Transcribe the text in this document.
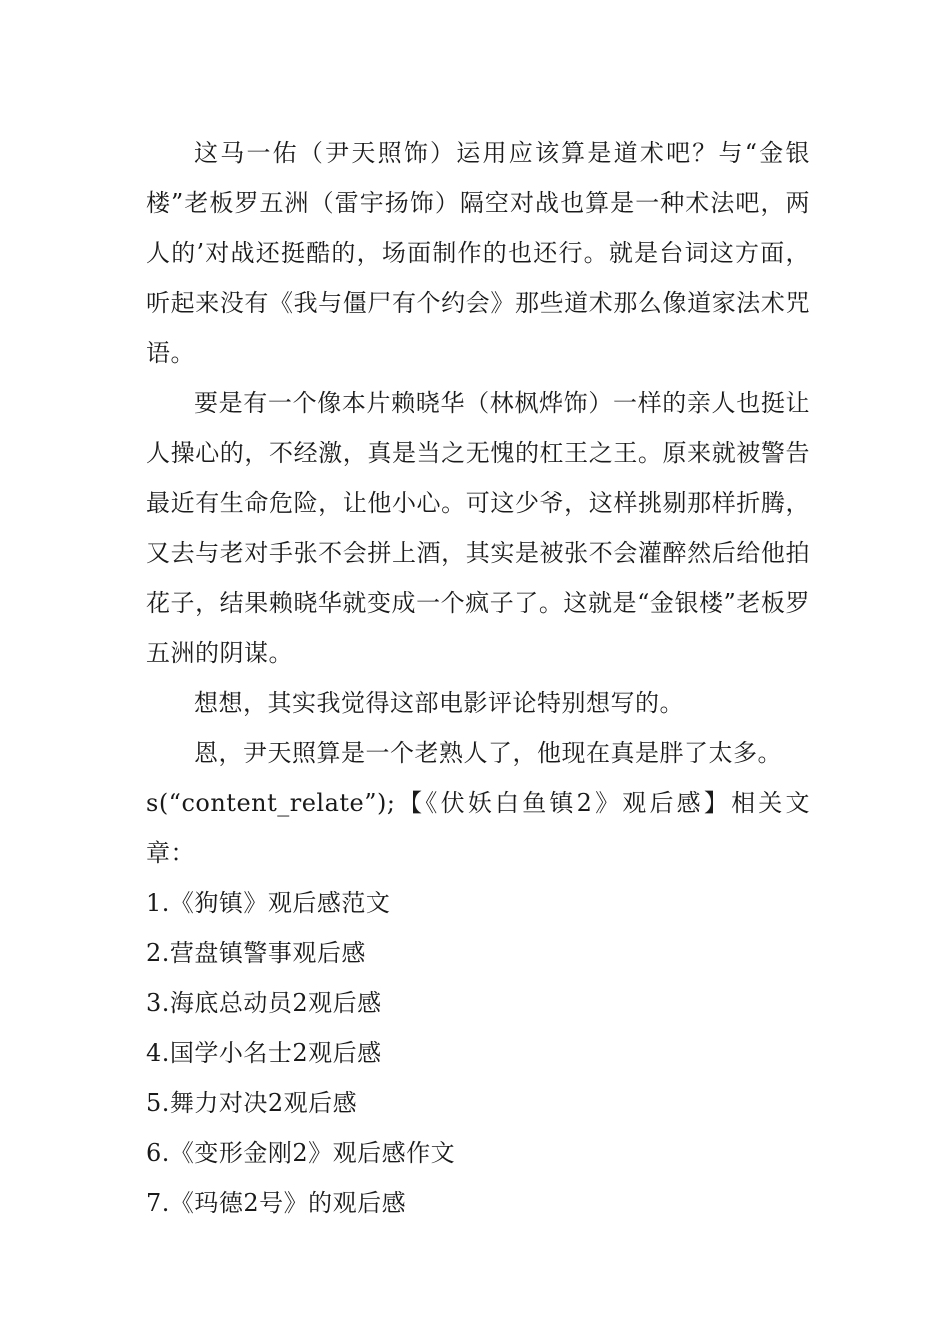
这马一佑（尹天照饰）运用应该算是道术吧？与“金银楼”老板罗五洲（雷宇扬饰）隔空对战也算是一种术法吧，两人的’对战还挺酷的，场面制作的也还行。就是台词这方面，听起来没有《我与僵尸有个约会》那些道术那么像道家法术咒语。

要是有一个像本片赖晓华（林枫烨饰）一样的亲人也挺让人操心的，不经激，真是当之无愧的杠王之王。原来就被警告最近有生命危险，让他小心。可这少爷，这样挑剔那样折腾，又去与老对手张不会拼上酒，其实是被张不会灌醉然后给他拍花子，结果赖晓华就变成一个疯子了。这就是“金银楼”老板罗五洲的阴谋。

想想，其实我觉得这部电影评论特别想写的。

恩，尹天照算是一个老熟人了，他现在真是胖了太多。

s(“content_relate”);【《伏妖白鱼镇2》观后感】相关文章：

1.《狗镇》观后感范文
2.营盘镇警事观后感
3.海底总动员2观后感
4.国学小名士2观后感
5.舞力对决2观后感
6.《变形金刚2》观后感作文
7.《玛德2号》的观后感
